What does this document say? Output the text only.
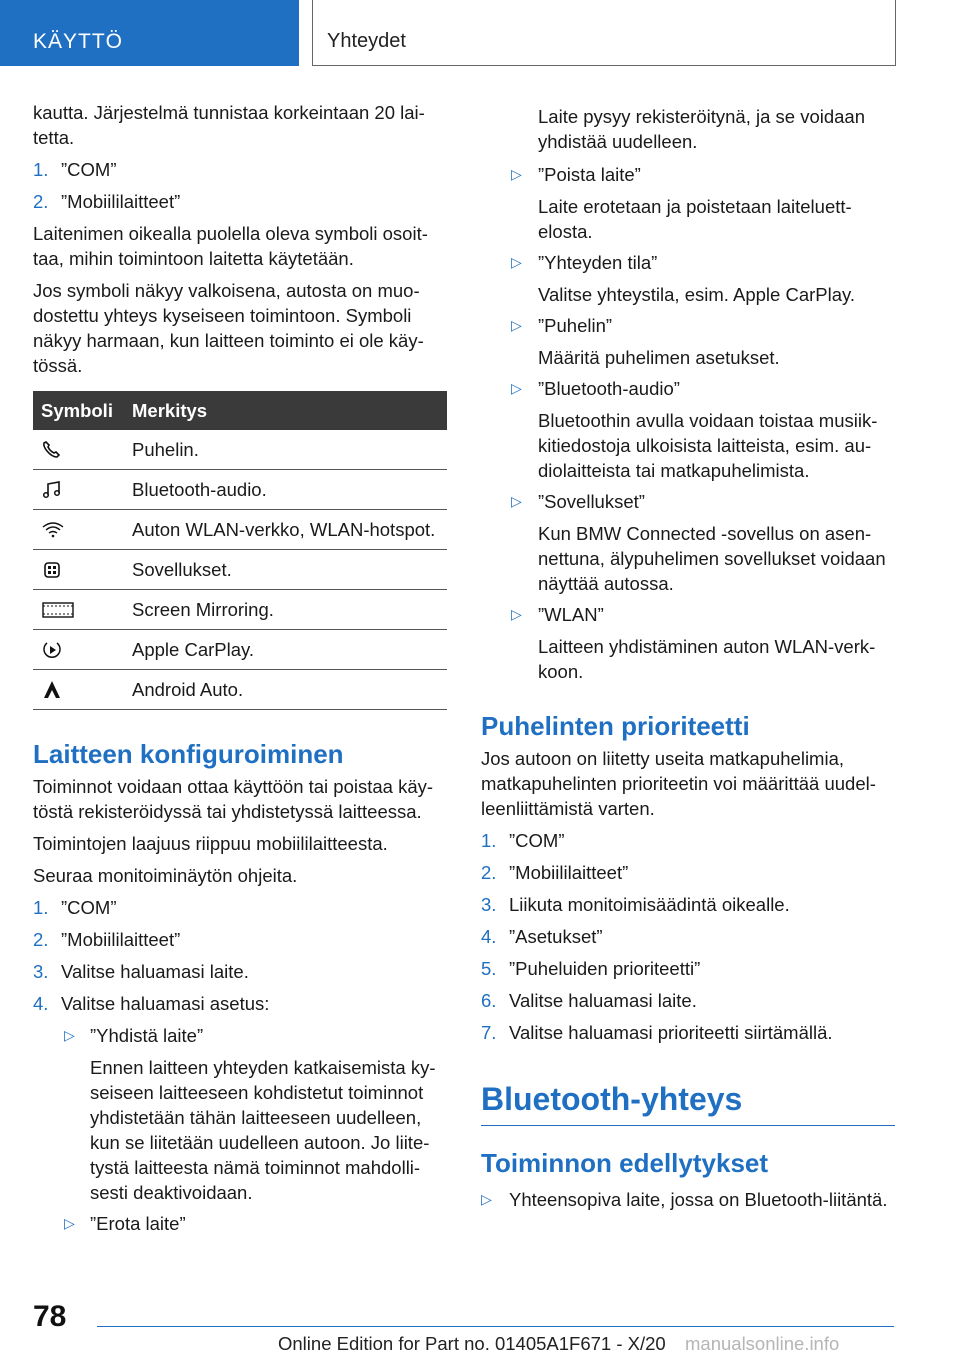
KÄYTTÖ	Yhteydet

kautta. Järjestelmä tunnistaa korkeintaan 20 laitetta.

1. ”COM”
2. ”Mobiililaitteet”

Laitenimen oikealla puolella oleva symboli osoittaa, mihin toimintoon laitetta käytetään.

Jos symboli näkyy valkoisena, autosta on muodostettu yhteys kyseiseen toimintoon. Symboli näkyy harmaan, kun laitteen toiminto ei ole käytössä.

Symboli	Merkitys

	Puhelin.

	Bluetooth-audio.

	Auton WLAN-verkko, WLAN-hotspot.

	Sovellukset.

	Screen Mirroring.

	Apple CarPlay.

	Android Auto.
Laitteen konfiguroiminen

Toiminnot voidaan ottaa käyttöön tai poistaa käytöstä rekisteröidyssä tai yhdistetyssä laitteessa.

Toimintojen laajuus riippuu mobiililaitteesta.

Seuraa monitoiminäytön ohjeita.

1. ”COM”
2. ”Mobiililaitteet”
3. Valitse haluamasi laite.
4. Valitse haluamasi asetus:
▷ ”Yhdistä laite”
Ennen laitteen yhteyden katkaisemista kyseiseen laitteeseen kohdistetut toiminnot yhdistetään tähän laitteeseen uudelleen, kun se liitetään uudelleen autoon. Jo liitetystä laitteesta nämä toiminnot mahdollisesti deaktivoidaan.
▷ ”Erota laite”
Laite pysyy rekisteröitynä, ja se voidaan yhdistää uudelleen.
▷ ”Poista laite”
Laite erotetaan ja poistetaan laiteluettelosta.
▷ ”Yhteyden tila”
Valitse yhteystila, esim. Apple CarPlay.
▷ ”Puhelin”
Määritä puhelimen asetukset.
▷ ”Bluetooth-audio”
Bluetoothin avulla voidaan toistaa musiikkitiedostoja ulkoisista laitteista, esim. audiolaitteista tai matkapuhelimista.
▷ ”Sovellukset”
Kun BMW Connected -sovellus on asennettuna, älypuhelimen sovellukset voidaan näyttää autossa.
▷ ”WLAN”
Laitteen yhdistäminen auton WLAN-verkkoon.
Puhelinten prioriteetti

Jos autoon on liitetty useita matkapuhelimia, matkapuhelinten prioriteetin voi määrittää uudelleenliittämistä varten.

1. ”COM”
2. ”Mobiililaitteet”
3. Liikuta monitoimisäädintä oikealle.
4. ”Asetukset”
5. ”Puheluiden prioriteetti”
6. Valitse haluamasi laite.
7. Valitse haluamasi prioriteetti siirtämällä.
Bluetooth-yhteys
Toiminnon edellytykset
▷ Yhteensopiva laite, jossa on Bluetooth-liitäntä.
78
Online Edition for Part no. 01405A1F671 - X/20 manualsonline.info
